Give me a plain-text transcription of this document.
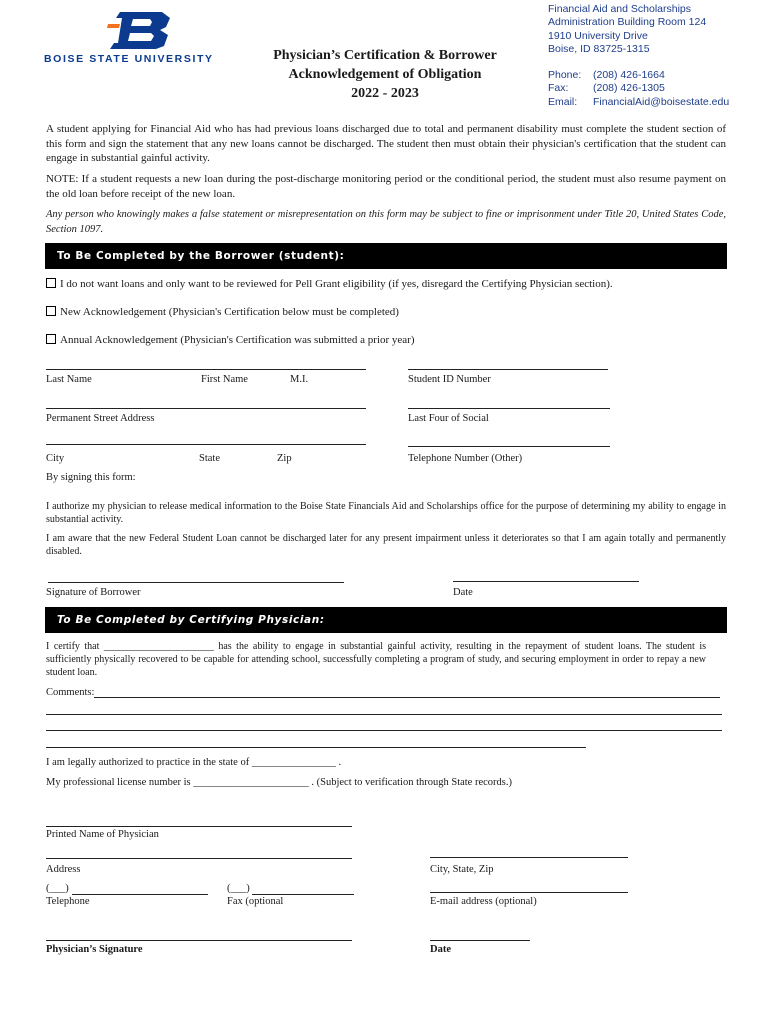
BOISE STATE UNIVERSITY	Physician’s Certification & Borrower
Acknowledgement of Obligation
2022 - 2023
Financial Aid and Scholarships
Administration Building Room 124
1910 University Drive
Boise, ID 83725-1315
Phone: (208) 426-1664
Fax: (208) 426-1305
Email: FinancialAid@boisestate.edu
A student applying for Financial Aid who has had previous loans discharged due to total and permanent disability must complete the student section of this form and sign the statement that any new loans cannot be discharged. The student then must obtain their physician's certification that the student can engage in substantial gainful activity.
NOTE: If a student requests a new loan during the post-discharge monitoring period or the conditional period, the student must also resume payment on the old loan before receipt of the new loan.
Any person who knowingly makes a false statement or misrepresentation on this form may be subject to fine or imprisonment under Title 20, United States Code, Section 1097.
To Be Completed by the Borrower (student):
I do not want loans and only want to be reviewed for Pell Grant eligibility (if yes, disregard the Certifying Physician section).
New Acknowledgement (Physician's Certification below must be completed)
Annual Acknowledgement (Physician's Certification was submitted a prior year)
Last Name	First Name	M.I.	Student ID Number
Permanent Street Address	Last Four of Social
City	State	Zip	Telephone Number (Other)
By signing this form:
I authorize my physician to release medical information to the Boise State Financials Aid and Scholarships office for the purpose of determining my ability to engage in substantial activity.
I am aware that the new Federal Student Loan cannot be discharged later for any present impairment unless it deteriorates so that I am again totally and permanently disabled.
Signature of Borrower	Date
To Be Completed by Certifying Physician:
I certify that ______________________ has the ability to engage in substantial gainful activity, resulting in the repayment of student loans. The student is sufficiently physically recovered to be capable for attending school, successfully completing a program of study, and securing employment in order to repay a new student loan.
Comments:
I am legally authorized to practice in the state of ________________ .
My professional license number is ______________________ . (Subject to verification through State records.)
Printed Name of Physician
Address	City, State, Zip
(___)	(___)
Telephone	Fax (optional	E-mail address (optional)
Physician’s Signature	Date
